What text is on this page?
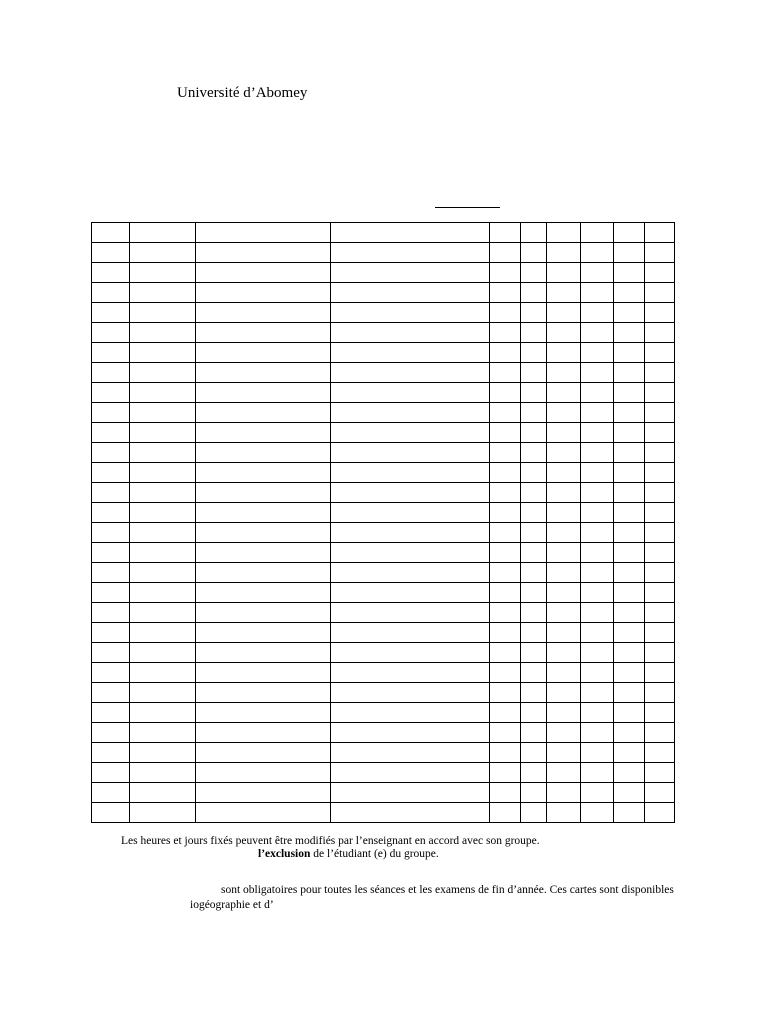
Université d’Abomey

Les heures et jours fixés peuvent être modifiés par l’enseignant en accord avec son groupe.
l’exclusion de l’étudiant (e) du groupe.
sont obligatoires pour toutes les séances et les examens de fin d’année. Ces cartes sont disponibles
iogéographie et d’
